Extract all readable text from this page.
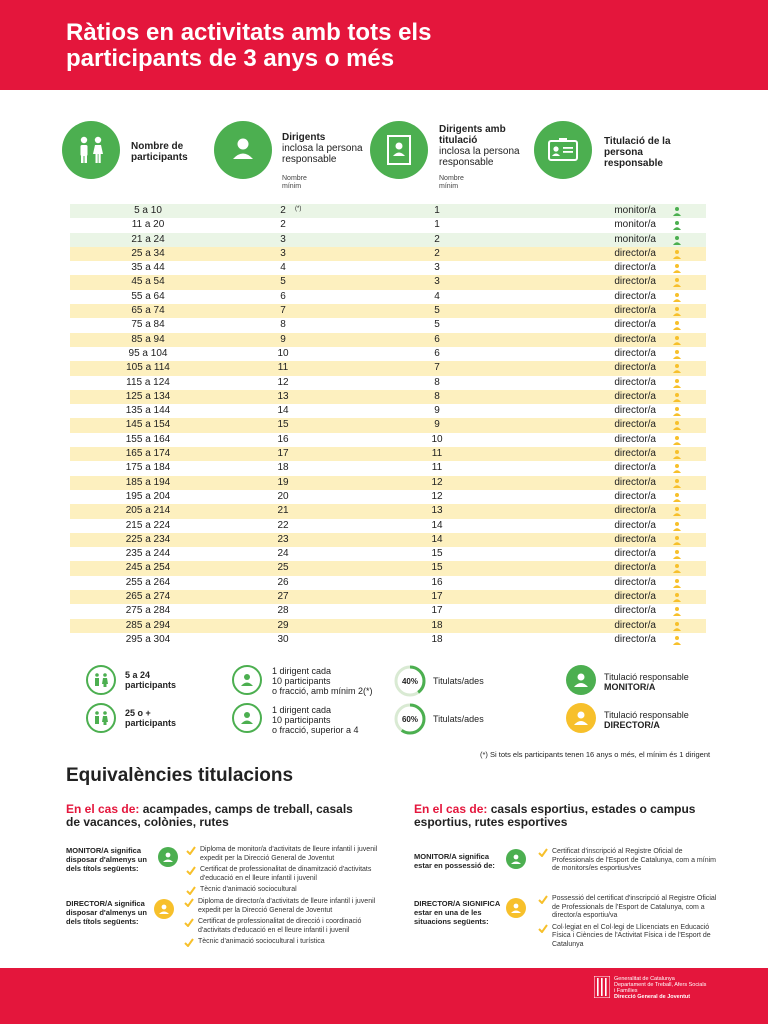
Ràtios en activitats amb tots els
participants de 3 anys o més
Nombre de participants
Dirigents
inclosa la persona responsable
Nombre mínim
Dirigents amb titulació
inclosa la persona responsable
Nombre mínim
Titulació de la persona responsable
5 a 10	2	(*)	1	monitor/a
11 a 20	2	1	monitor/a
21 a 24	3	2	monitor/a
25 a 34	3	2	director/a
35 a 44	4	3	director/a
45 a 54	5	3	director/a
55 a 64	6	4	director/a
65 a 74	7	5	director/a
75 a 84	8	5	director/a
85 a 94	9	6	director/a
95 a 104	10	6	director/a
105 a 114	11	7	director/a
115 a 124	12	8	director/a
125 a 134	13	8	director/a
135 a 144	14	9	director/a
145 a 154	15	9	director/a
155 a 164	16	10	director/a
165 a 174	17	11	director/a
175 a 184	18	11	director/a
185 a 194	19	12	director/a
195 a 204	20	12	director/a
205 a 214	21	13	director/a
215 a 224	22	14	director/a
225 a 234	23	14	director/a
235 a 244	24	15	director/a
245 a 254	25	15	director/a
255 a 264	26	16	director/a
265 a 274	27	17	director/a
275 a 284	28	17	director/a
285 a 294	29	18	director/a
295 a 304	30	18	director/a
5 a 24
participants
25 o +
participants
1 dirigent cada
10 participants
o fracció, amb mínim 2(*)
1 dirigent cada
10 participants
o fracció, superior a 4
40% Titulats/ades
60% Titulats/ades
Titulació responsable
MONITOR/A
Titulació responsable
DIRECTOR/A
(*) Si tots els participants tenen 16 anys o més, el mínim és 1 dirigent
Equivalències titulacions
En el cas de: acampades, camps de treball, casals
de vacances, colònies, rutes
En el cas de: casals esportius, estades o campus
esportius, rutes esportives
MONITOR/A significa
disposar d'almenys un
dels títols següents:
Diploma de monitor/a d'activitats de lleure infantil i juvenil expedit per la Direcció General de Joventut
Certificat de professionalitat de dinamització d'activitats d'educació en el lleure infantil i juvenil
Tècnic d'animació sociocultural
DIRECTOR/A significa
disposar d'almenys un
dels títols següents:
Diploma de director/a d'activitats de lleure infantil i juvenil expedit per la Direcció General de Joventut
Certificat de professionalitat de direcció i coordinació d'activitats d'educació en el lleure infantil i juvenil
Tècnic d'animació sociocultural i turística
MONITOR/A significa
estar en possessió de:
Certificat d'inscripció al Registre Oficial de Professionals de l'Esport de Catalunya, com a mínim de monitors/es esportius/ves
DIRECTOR/A SIGNIFICA
estar en una de les
situacions següents:
Possessió del certificat d'inscripció al Registre Oficial de Professionals de l'Esport de Catalunya, com a director/a esportiu/va
Col·legiat en el Col·legi de Llicenciats en Educació Física i Ciències de l'Activitat Física i de l'Esport de Catalunya
Generalitat de Catalunya
Departament de Treball, Afers Socials
i Famílies
Direcció General de Joventut
